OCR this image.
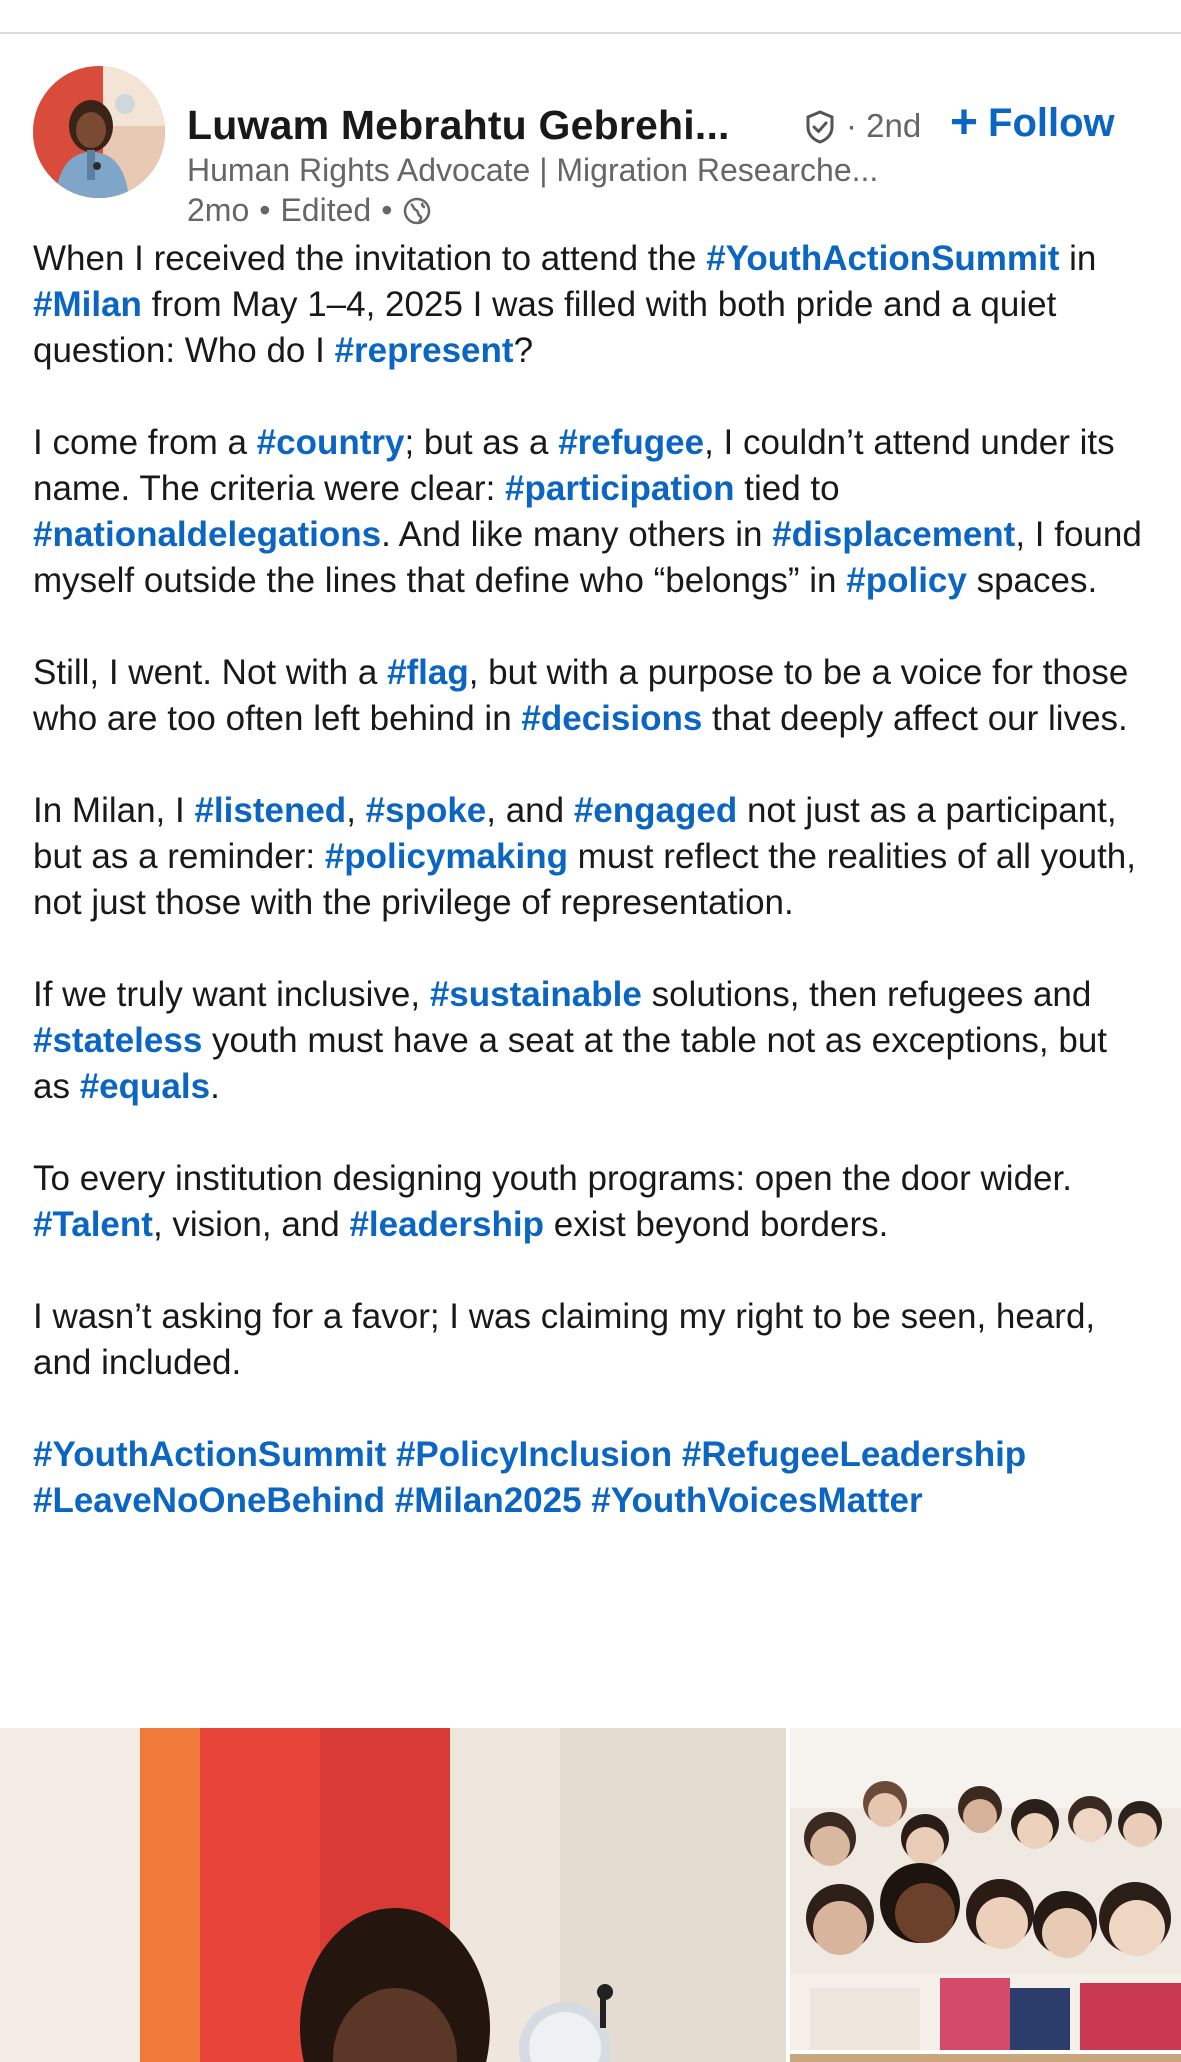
Luwam Mebrahtu Gebrehi...	· 2nd + Follow
Human Rights Advocate | Migration Researche...
2mo • Edited •

When I received the invitation to attend the #YouthActionSummit in #Milan from May 1–4, 2025 I was filled with both pride and a quiet question: Who do I #represent?

I come from a #country; but as a #refugee, I couldn’t attend under its name. The criteria were clear: #participation tied to #nationaldelegations. And like many others in #displacement, I found myself outside the lines that define who “belongs” in #policy spaces.

Still, I went. Not with a #flag, but with a purpose to be a voice for those who are too often left behind in #decisions that deeply affect our lives.

In Milan, I #listened, #spoke, and #engaged not just as a participant, but as a reminder: #policymaking must reflect the realities of all youth, not just those with the privilege of representation.

If we truly want inclusive, #sustainable solutions, then refugees and #stateless youth must have a seat at the table not as exceptions, but as #equals.

To every institution designing youth programs: open the door wider. #Talent, vision, and #leadership exist beyond borders.

I wasn’t asking for a favor; I was claiming my right to be seen, heard, and included.

#YouthActionSummit #PolicyInclusion #RefugeeLeadership #LeaveNoOneBehind #Milan2025 #YouthVoicesMatter
